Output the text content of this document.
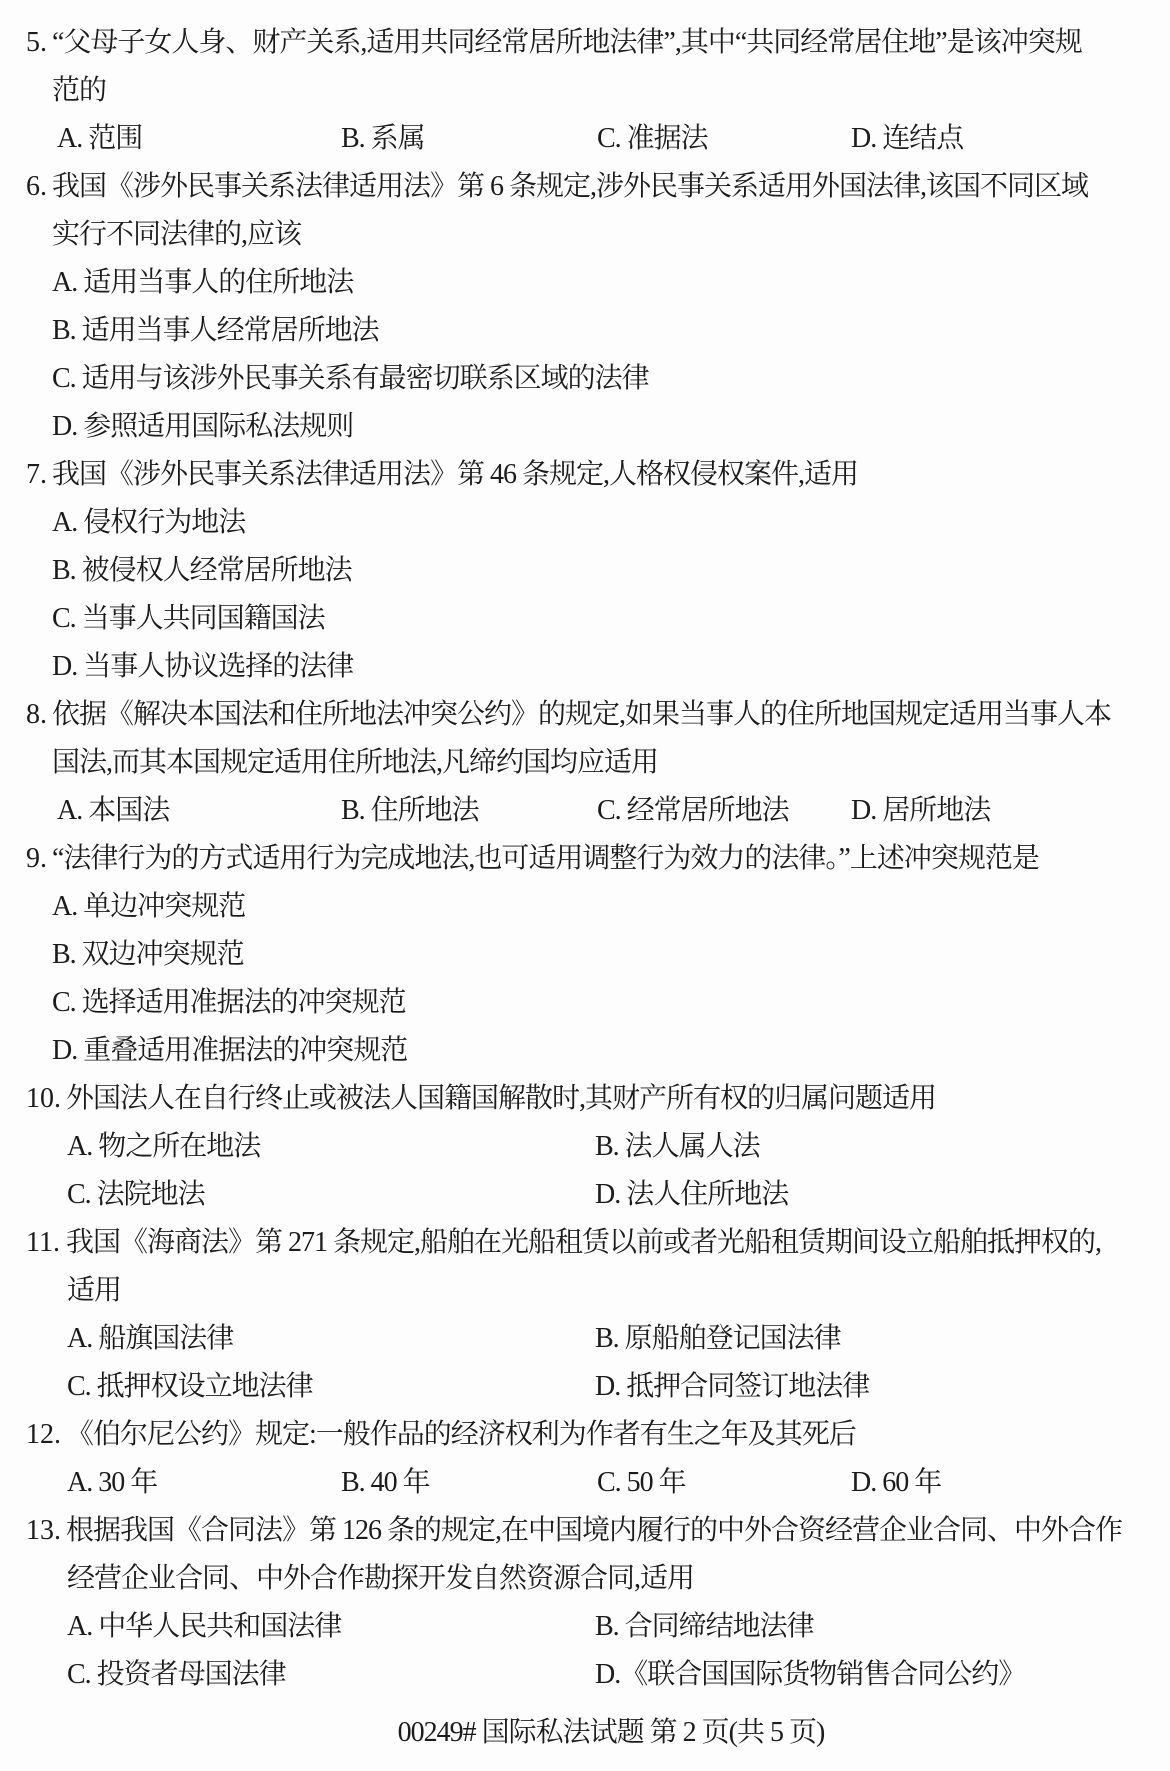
5. “父母子女人身、财产关系,适用共同经常居所地法律”,其中“共同经常居住地”是该冲突规
范的

A. 范围

	B. 系属

	C. 准据法

	D. 连结点

6. 我国《涉外民事关系法律适用法》第 6 条规定,涉外民事关系适用外国法律,该国不同区域
实行不同法律的,应该
A. 适用当事人的住所地法
B. 适用当事人经常居所地法
C. 适用与该涉外民事关系有最密切联系区域的法律
D. 参照适用国际私法规则
7. 我国《涉外民事关系法律适用法》第 46 条规定,人格权侵权案件,适用
A. 侵权行为地法
B. 被侵权人经常居所地法
C. 当事人共同国籍国法
D. 当事人协议选择的法律
8. 依据《解决本国法和住所地法冲突公约》的规定,如果当事人的住所地国规定适用当事人本
国法,而其本国规定适用住所地法,凡缔约国均应适用

A. 本国法

	B. 住所地法

	C. 经常居所地法

D. 居所地法

9. “法律行为的方式适用行为完成地法,也可适用调整行为效力的法律。”上述冲突规范是
A. 单边冲突规范
B. 双边冲突规范
C. 选择适用准据法的冲突规范
D. 重叠适用准据法的冲突规范
10. 外国法人在自行终止或被法人国籍国解散时,其财产所有权的归属问题适用

A. 物之所在地法

	B. 法人属人法

C. 法院地法

	D. 法人住所地法

11. 我国《海商法》第 271 条规定,船舶在光船租赁以前或者光船租赁期间设立船舶抵押权的,
适用

A. 船旗国法律

	B. 原船舶登记国法律

C. 抵押权设立地法律

	D. 抵押合同签订地法律

12. 《伯尔尼公约》规定:一般作品的经济权利为作者有生之年及其死后

A. 30 年

	B. 40 年

	C. 50 年

	D. 60 年

13. 根据我国《合同法》第 126 条的规定,在中国境内履行的中外合资经营企业合同、中外合作
经营企业合同、中外合作勘探开发自然资源合同,适用

A. 中华人民共和国法律

	B. 合同缔结地法律

C. 投资者母国法律

	D.《联合国国际货物销售合同公约》

00249# 国际私法试题 第 2 页(共 5 页)
